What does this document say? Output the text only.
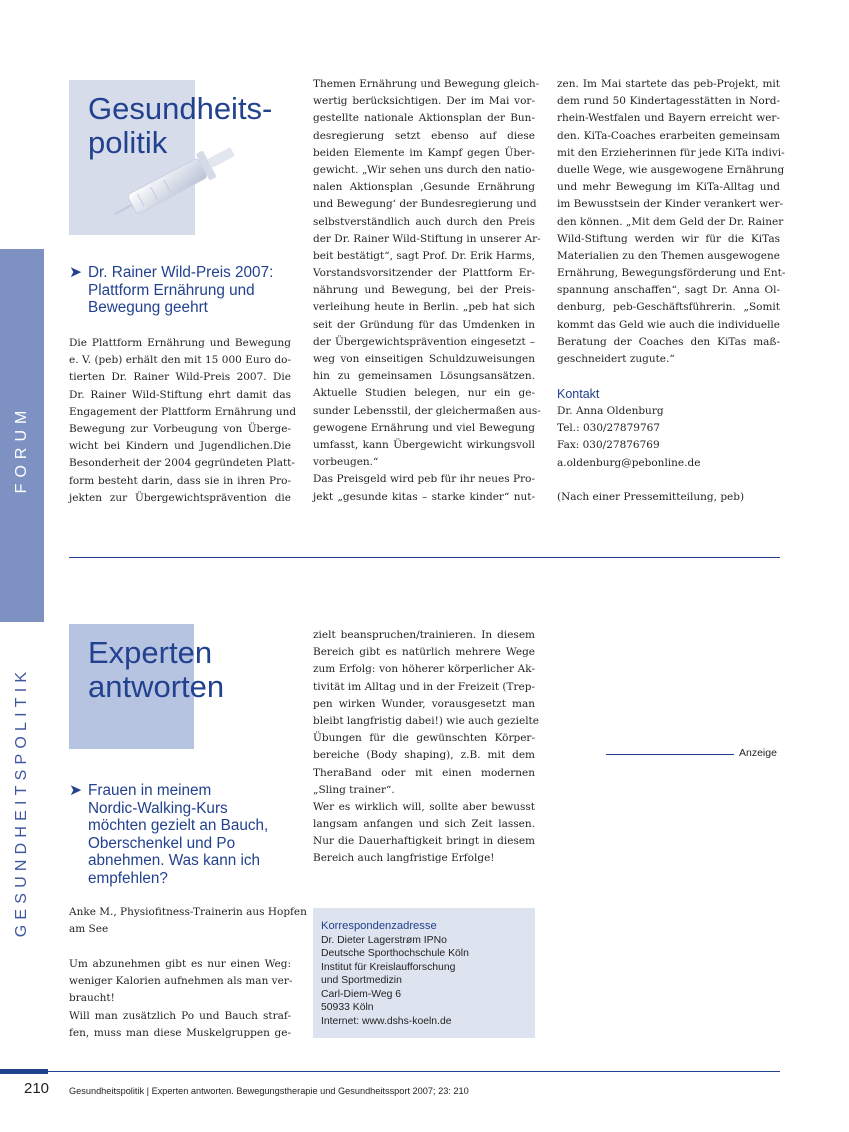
FORUM
GESUNDHEITSPOLITIK
Gesundheits-
politik
➤ Dr. Rainer Wild-Preis 2007:
Plattform Ernährung und
Bewegung geehrt
Die Plattform Ernährung und Bewegung
e. V. (peb) erhält den mit 15 000 Euro do-
tierten Dr. Rainer Wild-Preis 2007. Die
Dr. Rainer Wild-Stiftung ehrt damit das
Engagement der Plattform Ernährung und
Bewegung zur Vorbeugung von Überge-
wicht bei Kindern und Jugendlichen.Die
Besonderheit der 2004 gegründeten Platt-
form besteht darin, dass sie in ihren Pro-
jekten zur Übergewichtsprävention die
Themen Ernährung und Bewegung gleich-
wertig berücksichtigen. Der im Mai vor-
gestellte nationale Aktionsplan der Bun-
desregierung setzt ebenso auf diese
beiden Elemente im Kampf gegen Über-
gewicht. „Wir sehen uns durch den natio-
nalen Aktionsplan ‚Gesunde Ernährung
und Bewegung‘ der Bundesregierung und
selbstverständlich auch durch den Preis
der Dr. Rainer Wild-Stiftung in unserer Ar-
beit bestätigt“, sagt Prof. Dr. Erik Harms,
Vorstandsvorsitzender der Plattform Er-
nährung und Bewegung, bei der Preis-
verleihung heute in Berlin. „peb hat sich
seit der Gründung für das Umdenken in
der Übergewichtsprävention eingesetzt –
weg von einseitigen Schuldzuweisungen
hin zu gemeinsamen Lösungsansätzen.
Aktuelle Studien belegen, nur ein ge-
sunder Lebensstil, der gleichermaßen aus-
gewogene Ernährung und viel Bewegung
umfasst, kann Übergewicht wirkungsvoll
vorbeugen.“
Das Preisgeld wird peb für ihr neues Pro-
jekt „gesunde kitas – starke kinder“ nut-
zen. Im Mai startete das peb-Projekt, mit
dem rund 50 Kindertagesstätten in Nord-
rhein-Westfalen und Bayern erreicht wer-
den. KiTa-Coaches erarbeiten gemeinsam
mit den Erzieherinnen für jede KiTa indivi-
duelle Wege, wie ausgewogene Ernährung
und mehr Bewegung im KiTa-Alltag und
im Bewusstsein der Kinder verankert wer-
den können. „Mit dem Geld der Dr. Rainer
Wild-Stiftung werden wir für die KiTas
Materialien zu den Themen ausgewogene
Ernährung, Bewegungsförderung und Ent-
spannung anschaffen“, sagt Dr. Anna Ol-
denburg, peb-Geschäftsführerin. „Somit
kommt das Geld wie auch die individuelle
Beratung der Coaches den KiTas maß-
geschneidert zugute.“
Kontakt
Dr. Anna Oldenburg
Tel.: 030/27879767
Fax: 030/27876769
a.oldenburg@pebonline.de
(Nach einer Pressemitteilung, peb)
Experten
antworten
➤ Frauen in meinem
Nordic-Walking-Kurs
möchten gezielt an Bauch,
Oberschenkel und Po
abnehmen. Was kann ich
empfehlen?
Anke M., Physiofitness-Trainerin aus Hopfen
am See
Um abzunehmen gibt es nur einen Weg:
weniger Kalorien aufnehmen als man ver-
braucht!
Will man zusätzlich Po und Bauch straf-
fen, muss man diese Muskelgruppen ge-
zielt beanspruchen/trainieren. In diesem
Bereich gibt es natürlich mehrere Wege
zum Erfolg: von höherer körperlicher Ak-
tivität im Alltag und in der Freizeit (Trep-
pen wirken Wunder, vorausgesetzt man
bleibt langfristig dabei!) wie auch gezielte
Übungen für die gewünschten Körper-
bereiche (Body shaping), z.B. mit dem
TheraBand oder mit einen modernen
„Sling trainer“.
Wer es wirklich will, sollte aber bewusst
langsam anfangen und sich Zeit lassen.
Nur die Dauerhaftigkeit bringt in diesem
Bereich auch langfristige Erfolge!
Korrespondenzadresse
Dr. Dieter Lagerstrøm IPNo
Deutsche Sporthochschule Köln
Institut für Kreislaufforschung
und Sportmedizin
Carl-Diem-Weg 6
50933 Köln
Internet: www.dshs-koeln.de
Anzeige
210 Gesundheitspolitik | Experten antworten. Bewegungstherapie und Gesundheitssport 2007; 23: 210
